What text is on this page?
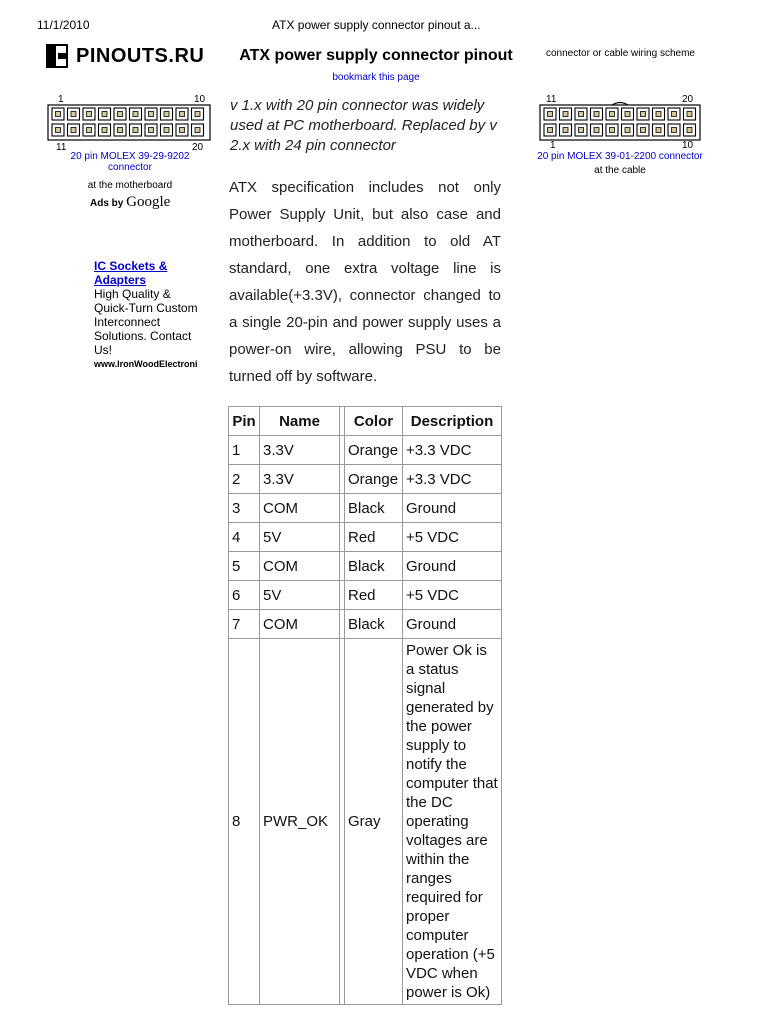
11/1/2010	ATX power supply connector pinout a...
PINOUTS.RU	ATX power supply connector pinout
bookmark this page
connector or cable wiring scheme
1	10
11	20
20 pin MOLEX 39-29-9202 connector
at the motherboard
Ads by Google
IC Sockets & Adapters
High Quality & Quick-Turn Custom Interconnect Solutions. Contact Us!
www.IronWoodElectroni
11	20
1	10
20 pin MOLEX 39-01-2200 connector
at the cable
v 1.x with 20 pin connector was widely used at PC motherboard. Replaced by v 2.x with 24 pin connector
ATX specification includes not only Power Supply Unit, but also case and motherboard. In addition to old AT standard, one extra voltage line is available(+3.3V), connector changed to a single 20-pin and power supply uses a power-on wire, allowing PSU to be turned off by software.
Pin	Name		Color	Description
1	3.3V		Orange	+3.3 VDC
2	3.3V		Orange	+3.3 VDC
3	COM		Black	Ground
4	5V		Red	+5 VDC
5	COM		Black	Ground
6	5V		Red	+5 VDC
7	COM		Black	Ground
8	PWR_OK		Gray	Power Ok is a status signal generated by the power supply to notify the computer that the DC operating voltages are within the ranges required for proper computer operation (+5 VDC when power is Ok)
